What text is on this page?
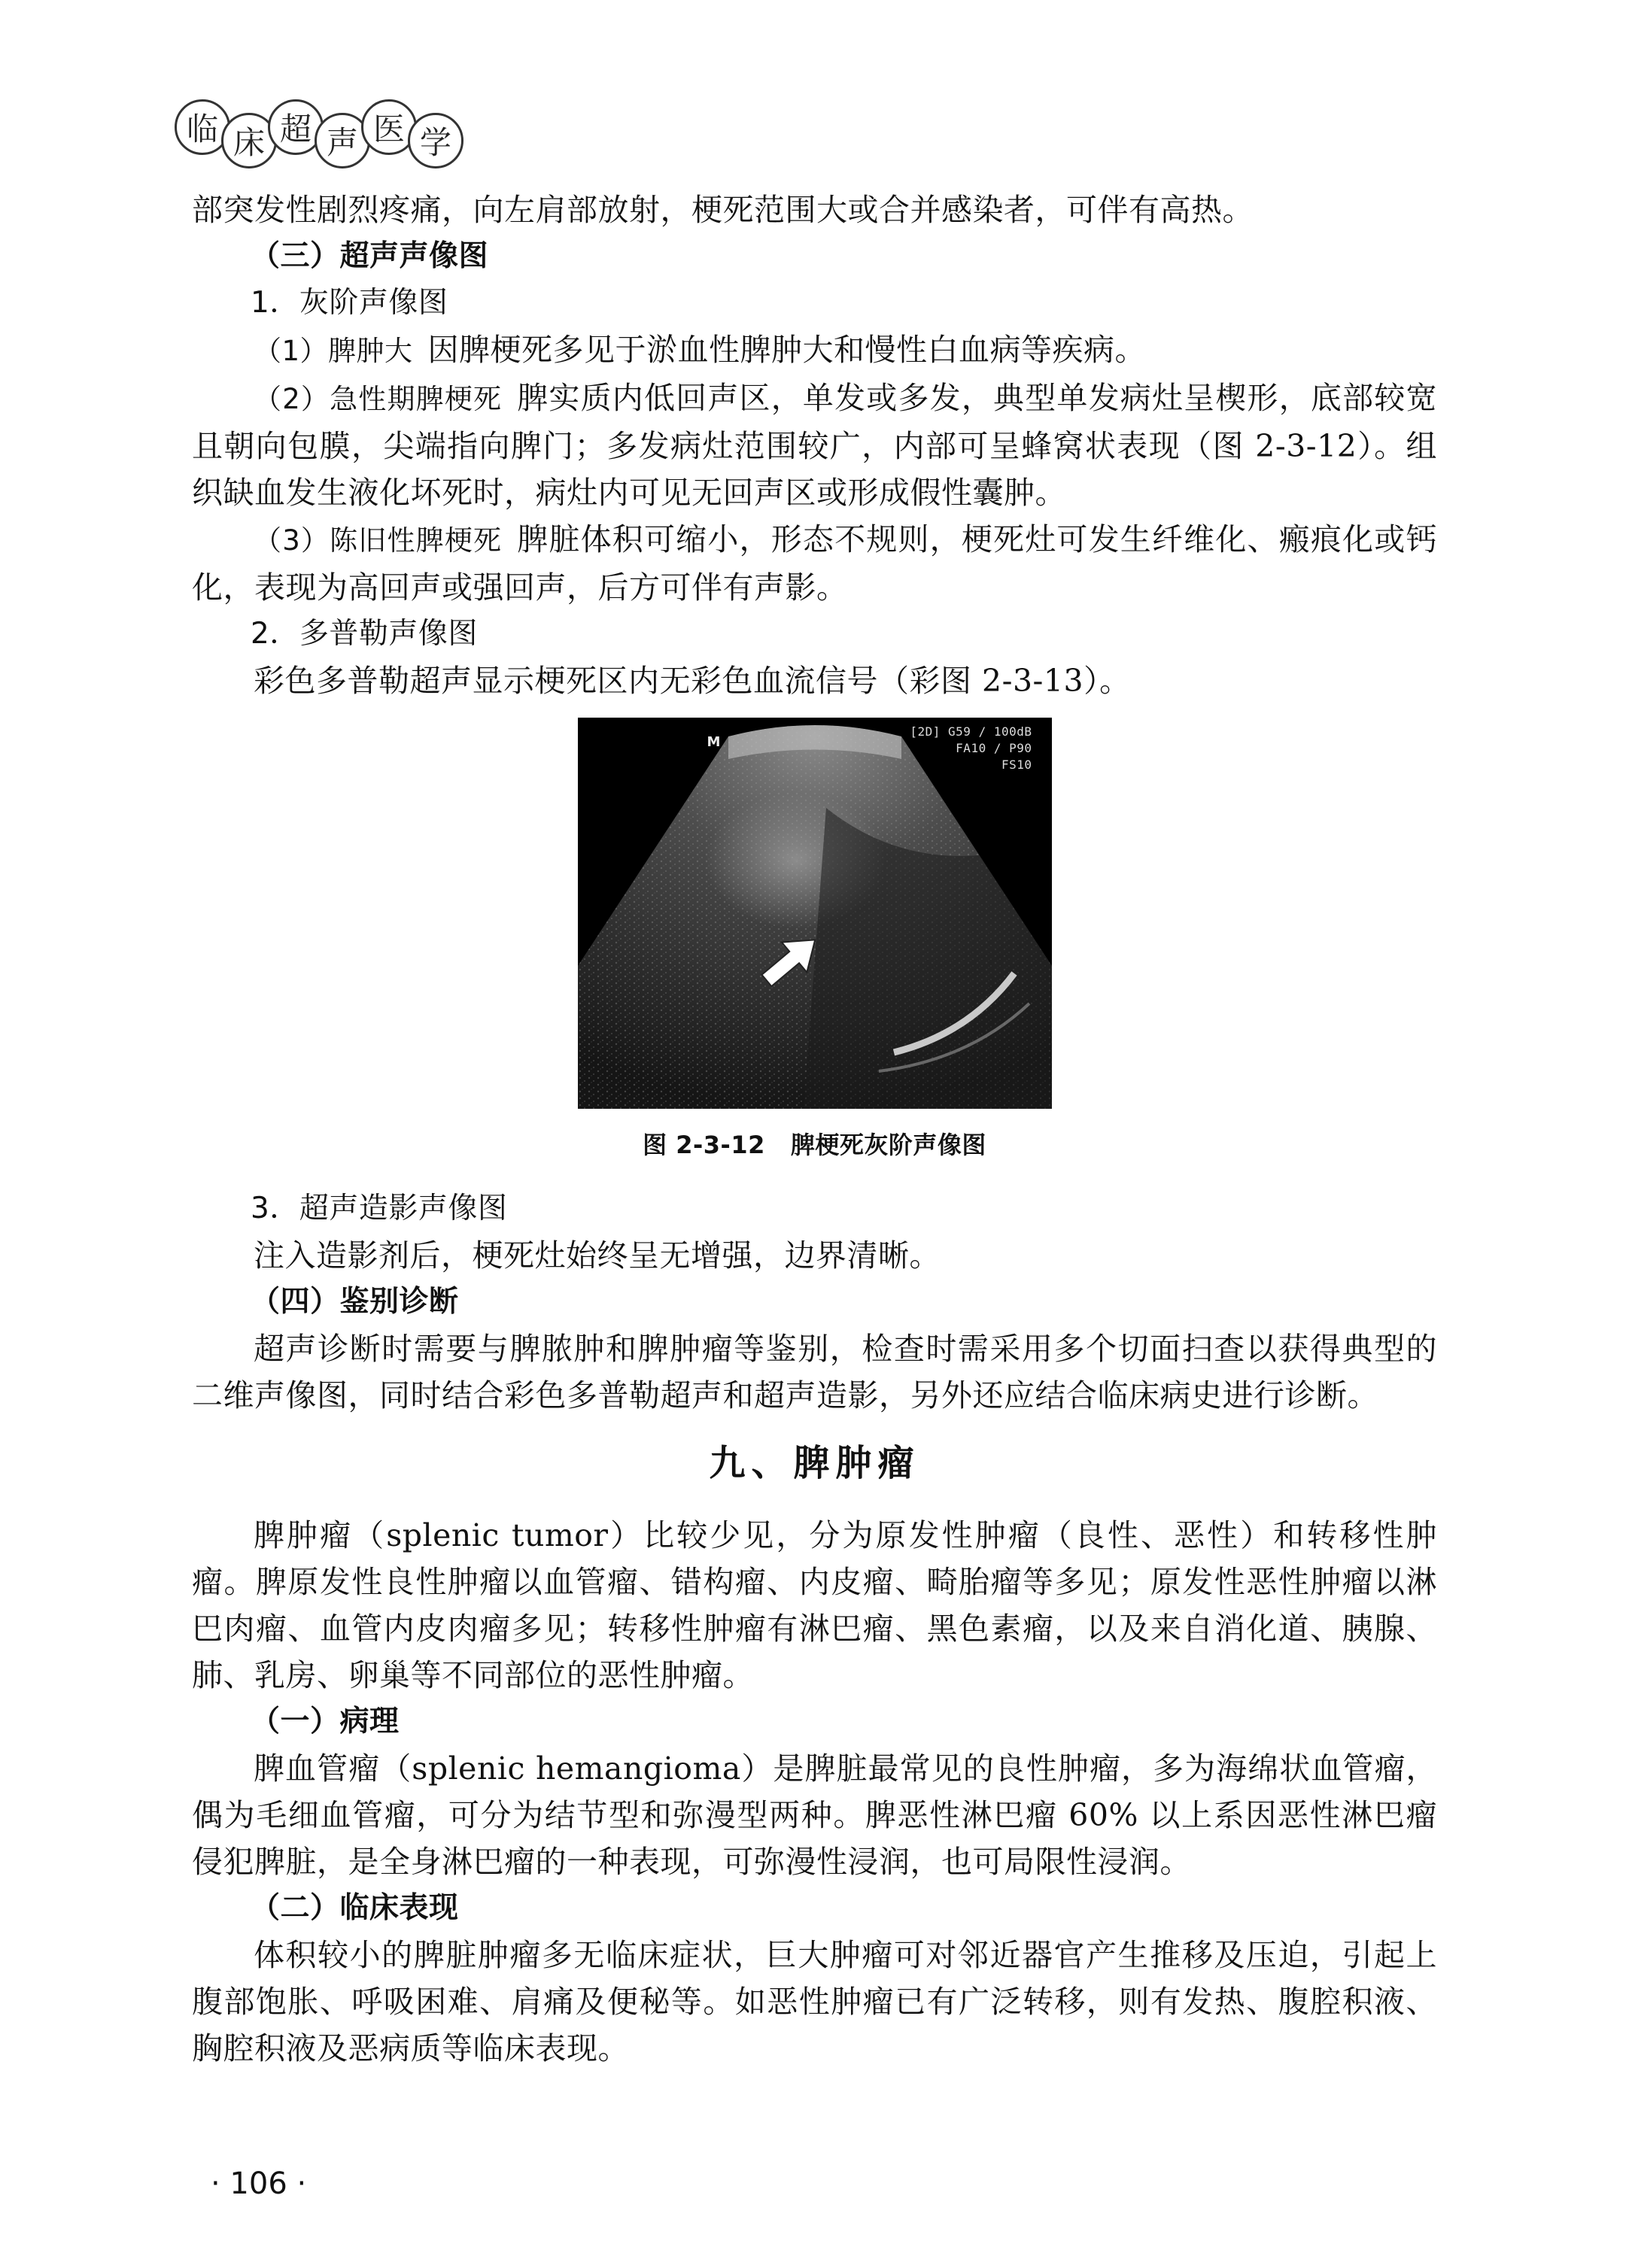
临 床 超 声 医 学

部突发性剧烈疼痛，向左肩部放射，梗死范围大或合并感染者，可伴有高热。

（三）超声声像图
1．灰阶声像图

（1）脾肿大 因脾梗死多见于淤血性脾肿大和慢性白血病等疾病。

（2）急性期脾梗死 脾实质内低回声区，单发或多发，典型单发病灶呈楔形，底部较宽且朝向包膜，尖端指向脾门；多发病灶范围较广，内部可呈蜂窝状表现（图 2-3-12）。组织缺血发生液化坏死时，病灶内可见无回声区或形成假性囊肿。

（3）陈旧性脾梗死 脾脏体积可缩小，形态不规则，梗死灶可发生纤维化、瘢痕化或钙化，表现为高回声或强回声，后方可伴有声影。

2．多普勒声像图

彩色多普勒超声显示梗死区内无彩色血流信号（彩图 2-3-13）。

M
[2D] G59 / 100dB
FA10 / P90
FS10
图 2-3-12 脾梗死灰阶声像图
3．超声造影声像图

注入造影剂后，梗死灶始终呈无增强，边界清晰。

（四）鉴别诊断

超声诊断时需要与脾脓肿和脾肿瘤等鉴别，检查时需采用多个切面扫查以获得典型的二维声像图，同时结合彩色多普勒超声和超声造影，另外还应结合临床病史进行诊断。

九、脾肿瘤

脾肿瘤（splenic tumor）比较少见，分为原发性肿瘤（良性、恶性）和转移性肿瘤。脾原发性良性肿瘤以血管瘤、错构瘤、内皮瘤、畸胎瘤等多见；原发性恶性肿瘤以淋巴肉瘤、血管内皮肉瘤多见；转移性肿瘤有淋巴瘤、黑色素瘤，以及来自消化道、胰腺、肺、乳房、卵巢等不同部位的恶性肿瘤。

（一）病理

脾血管瘤（splenic hemangioma）是脾脏最常见的良性肿瘤，多为海绵状血管瘤，偶为毛细血管瘤，可分为结节型和弥漫型两种。脾恶性淋巴瘤 60% 以上系因恶性淋巴瘤侵犯脾脏，是全身淋巴瘤的一种表现，可弥漫性浸润，也可局限性浸润。

（二）临床表现

体积较小的脾脏肿瘤多无临床症状，巨大肿瘤可对邻近器官产生推移及压迫，引起上腹部饱胀、呼吸困难、肩痛及便秘等。如恶性肿瘤已有广泛转移，则有发热、腹腔积液、胸腔积液及恶病质等临床表现。

· 106 ·
